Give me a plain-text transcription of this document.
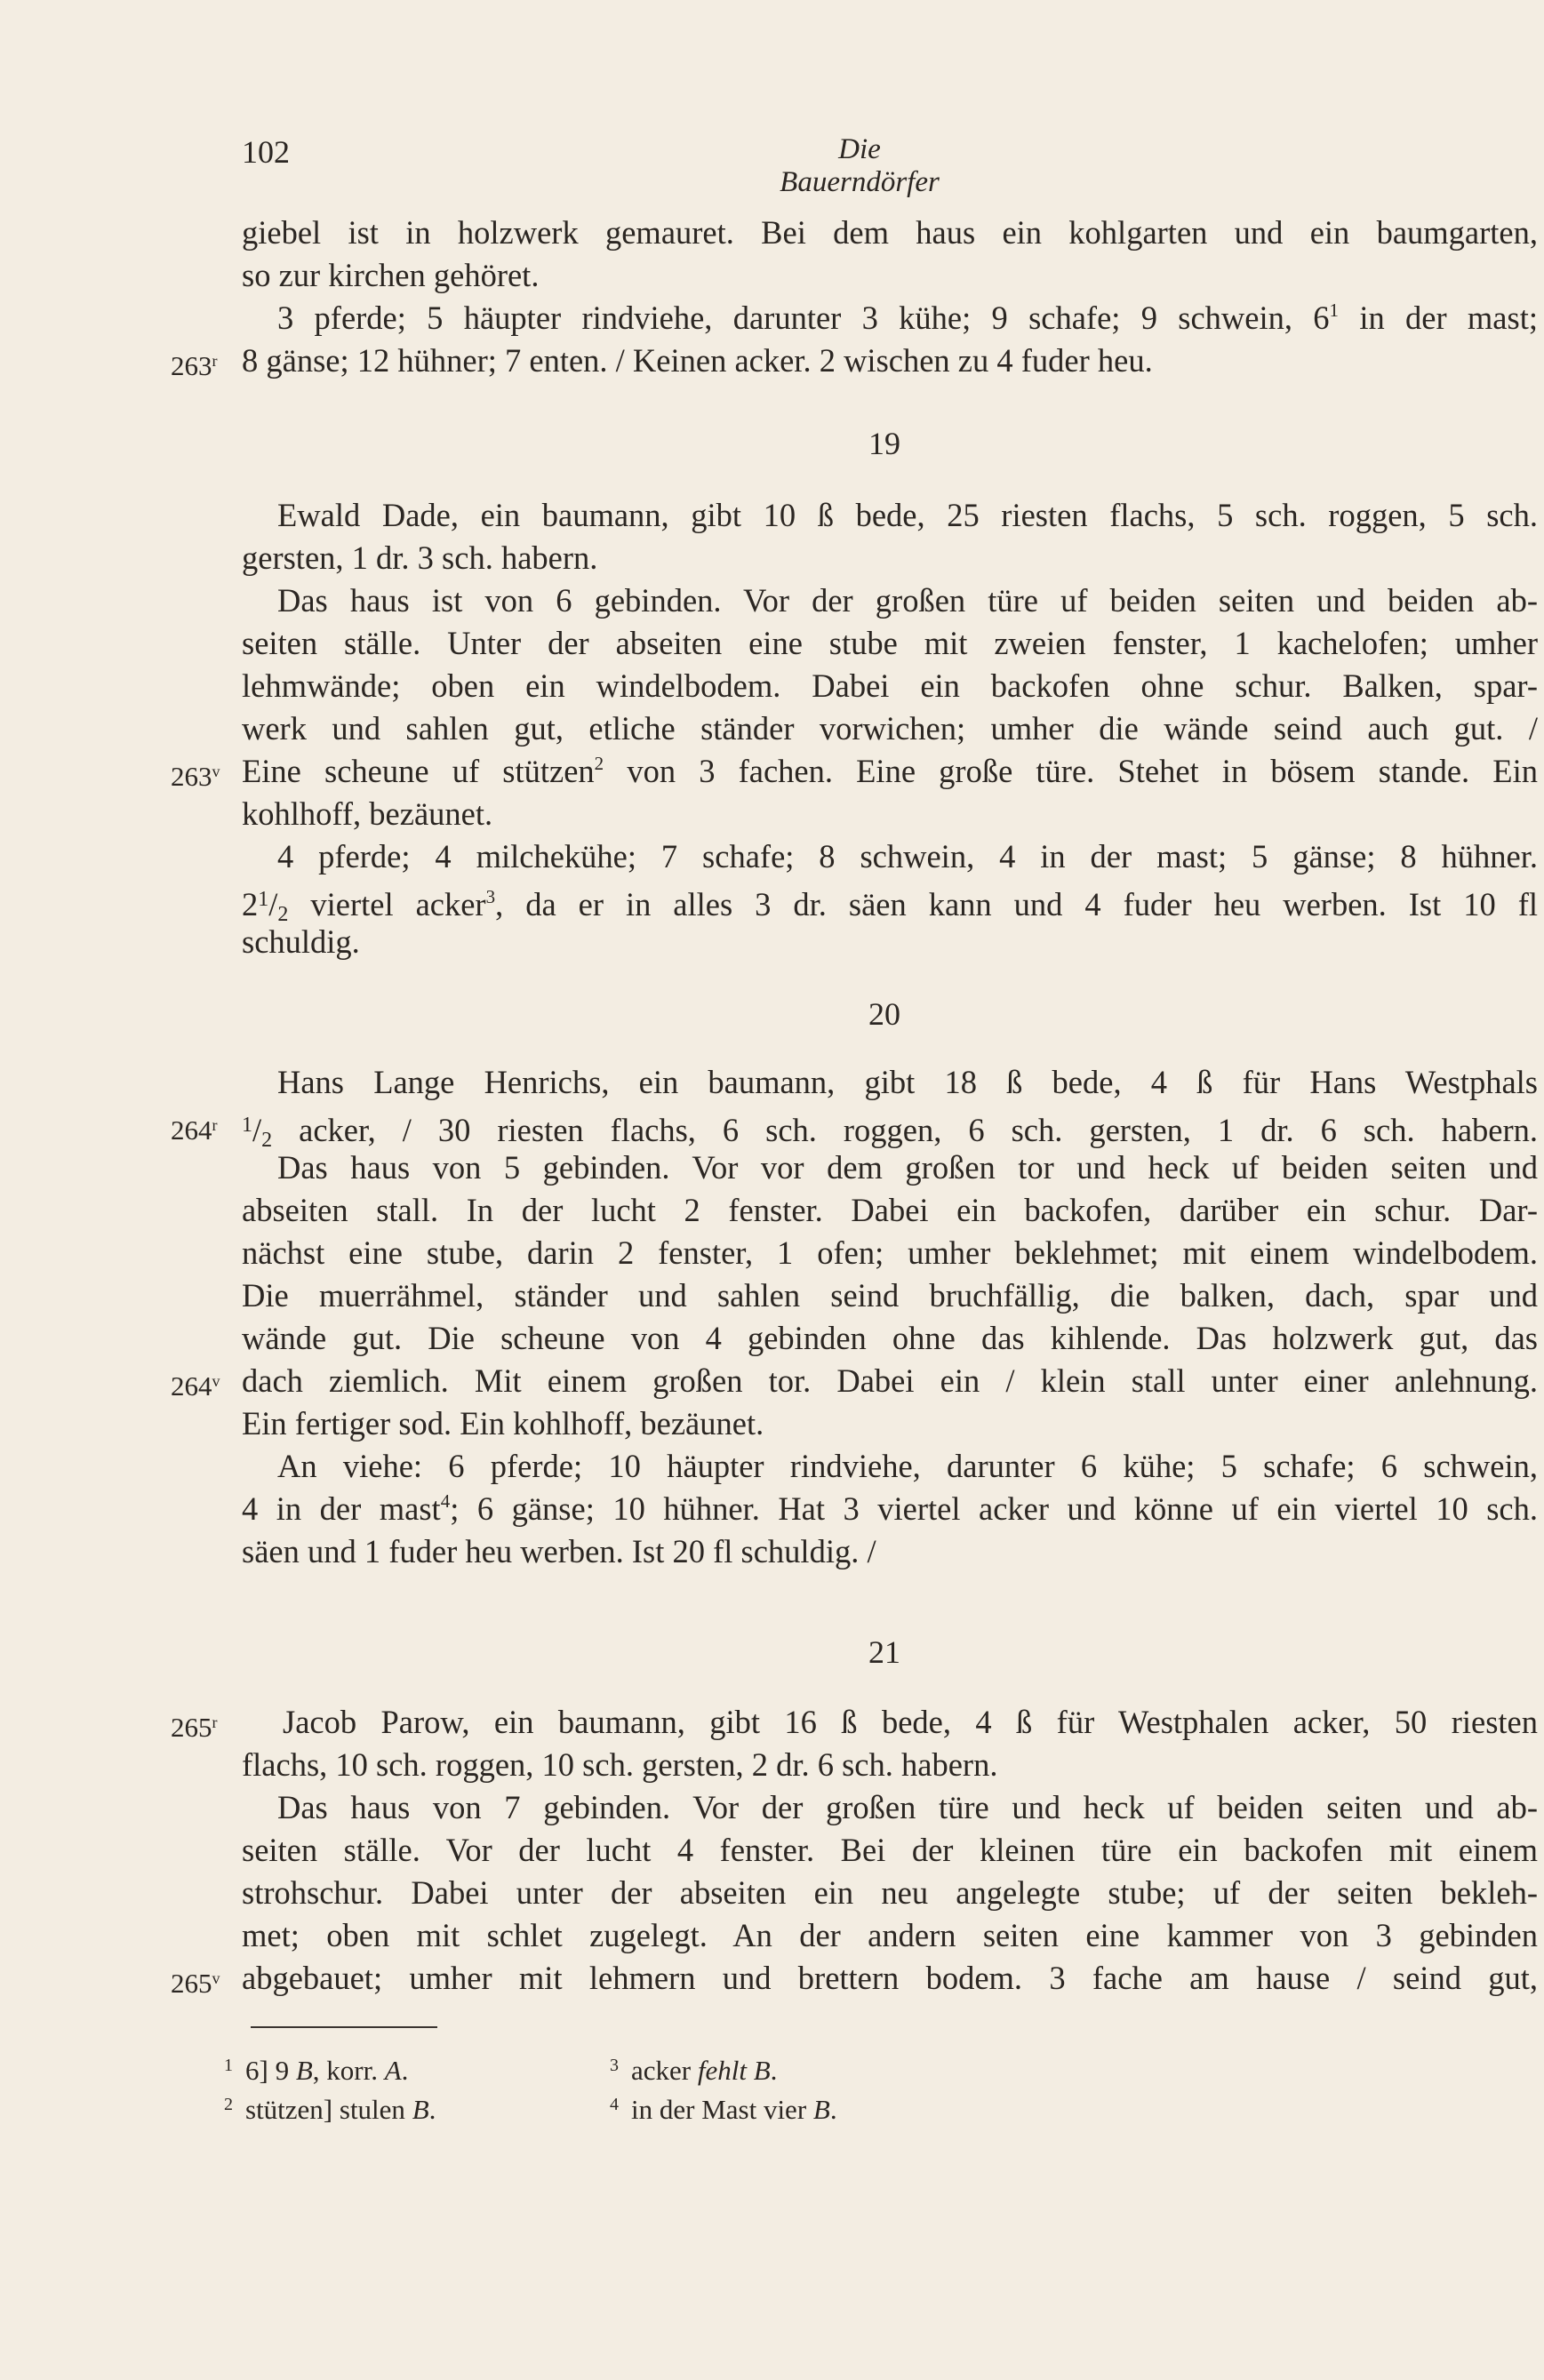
102	Die Bauerndörfer
giebel ist in holzwerk gemauret. Bei dem haus ein kohlgarten und ein baumgarten,
so zur kirchen gehöret.
3 pferde; 5 häupter rindviehe, darunter 3 kühe; 9 schafe; 9 schwein, 6$^1$ in der mast;
263$^r$ 8 gänse; 12 hühner; 7 enten. / Keinen acker. 2 wischen zu 4 fuder heu.
19
Ewald Dade, ein baumann, gibt 10 ß bede, 25 riesten flachs, 5 sch. roggen, 5 sch.
gersten, 1 dr. 3 sch. habern.
Das haus ist von 6 gebinden. Vor der großen türe uf beiden seiten und beiden ab-
seiten ställe. Unter der abseiten eine stube mit zweien fenster, 1 kachelofen; umher
lehmwände; oben ein windelbodem. Dabei ein backofen ohne schur. Balken, spar-
werk und sahlen gut, etliche ständer vorwichen; umher die wände seind auch gut. /
263$^v$ Eine scheune uf stützen$^2$ von 3 fachen. Eine große türe. Stehet in bösem stande. Ein
kohlhoff, bezäunet.
4 pferde; 4 milchekühe; 7 schafe; 8 schwein, 4 in der mast; 5 gänse; 8 hühner.
$2^1/2$ viertel acker$^3$, da er in alles 3 dr. säen kann und 4 fuder heu werben. Ist 10 fl
schuldig.
20
Hans Lange Henrichs, ein baumann, gibt 18 ß bede, 4 ß für Hans Westphals
264$^r$ $^1$/2 acker, / 30 riesten flachs, 6 sch. roggen, 6 sch. gersten, 1 dr. 6 sch. habern.
Das haus von 5 gebinden. Vor vor dem großen tor und heck uf beiden seiten und
abseiten stall. In der lucht 2 fenster. Dabei ein backofen, darüber ein schur. Dar-
nächst eine stube, darin 2 fenster, 1 ofen; umher beklehmet; mit einem windelbodem.
Die muerrähmel, ständer und sahlen seind bruchfällig, die balken, dach, spar und
wände gut. Die scheune von 4 gebinden ohne das kihlende. Das holzwerk gut, das
264$^v$ dach ziemlich. Mit einem großen tor. Dabei ein / klein stall unter einer anlehnung.
Ein fertiger sod. Ein kohlhoff, bezäunet.
An viehe: 6 pferde; 10 häupter rindviehe, darunter 6 kühe; 5 schafe; 6 schwein,
4 in der mast$^4$; 6 gänse; 10 hühner. Hat 3 viertel acker und könne uf ein viertel 10 sch.
säen und 1 fuder heu werben. Ist 20 fl schuldig. /
21
265$^r$	Jacob Parow, ein baumann, gibt 16 ß bede, 4 ß für Westphalen acker, 50 riesten
flachs, 10 sch. roggen, 10 sch. gersten, 2 dr. 6 sch. habern.
Das haus von 7 gebinden. Vor der großen türe und heck uf beiden seiten und ab-
seiten ställe. Vor der lucht 4 fenster. Bei der kleinen türe ein backofen mit einem
strohschur. Dabei unter der abseiten ein neu angelegte stube; uf der seiten bekleh-
met; oben mit schlet zugelegt. An der andern seiten eine kammer von 3 gebinden
265$^v$ abgebauet; umher mit lehmern und brettern bodem. 3 fache am hause / seind gut,
$^1$ 6] 9 B, korr. A.
$^2$ stützen] stulen B.
$^3$ acker fehlt B.
$^4$ in der Mast vier B.
